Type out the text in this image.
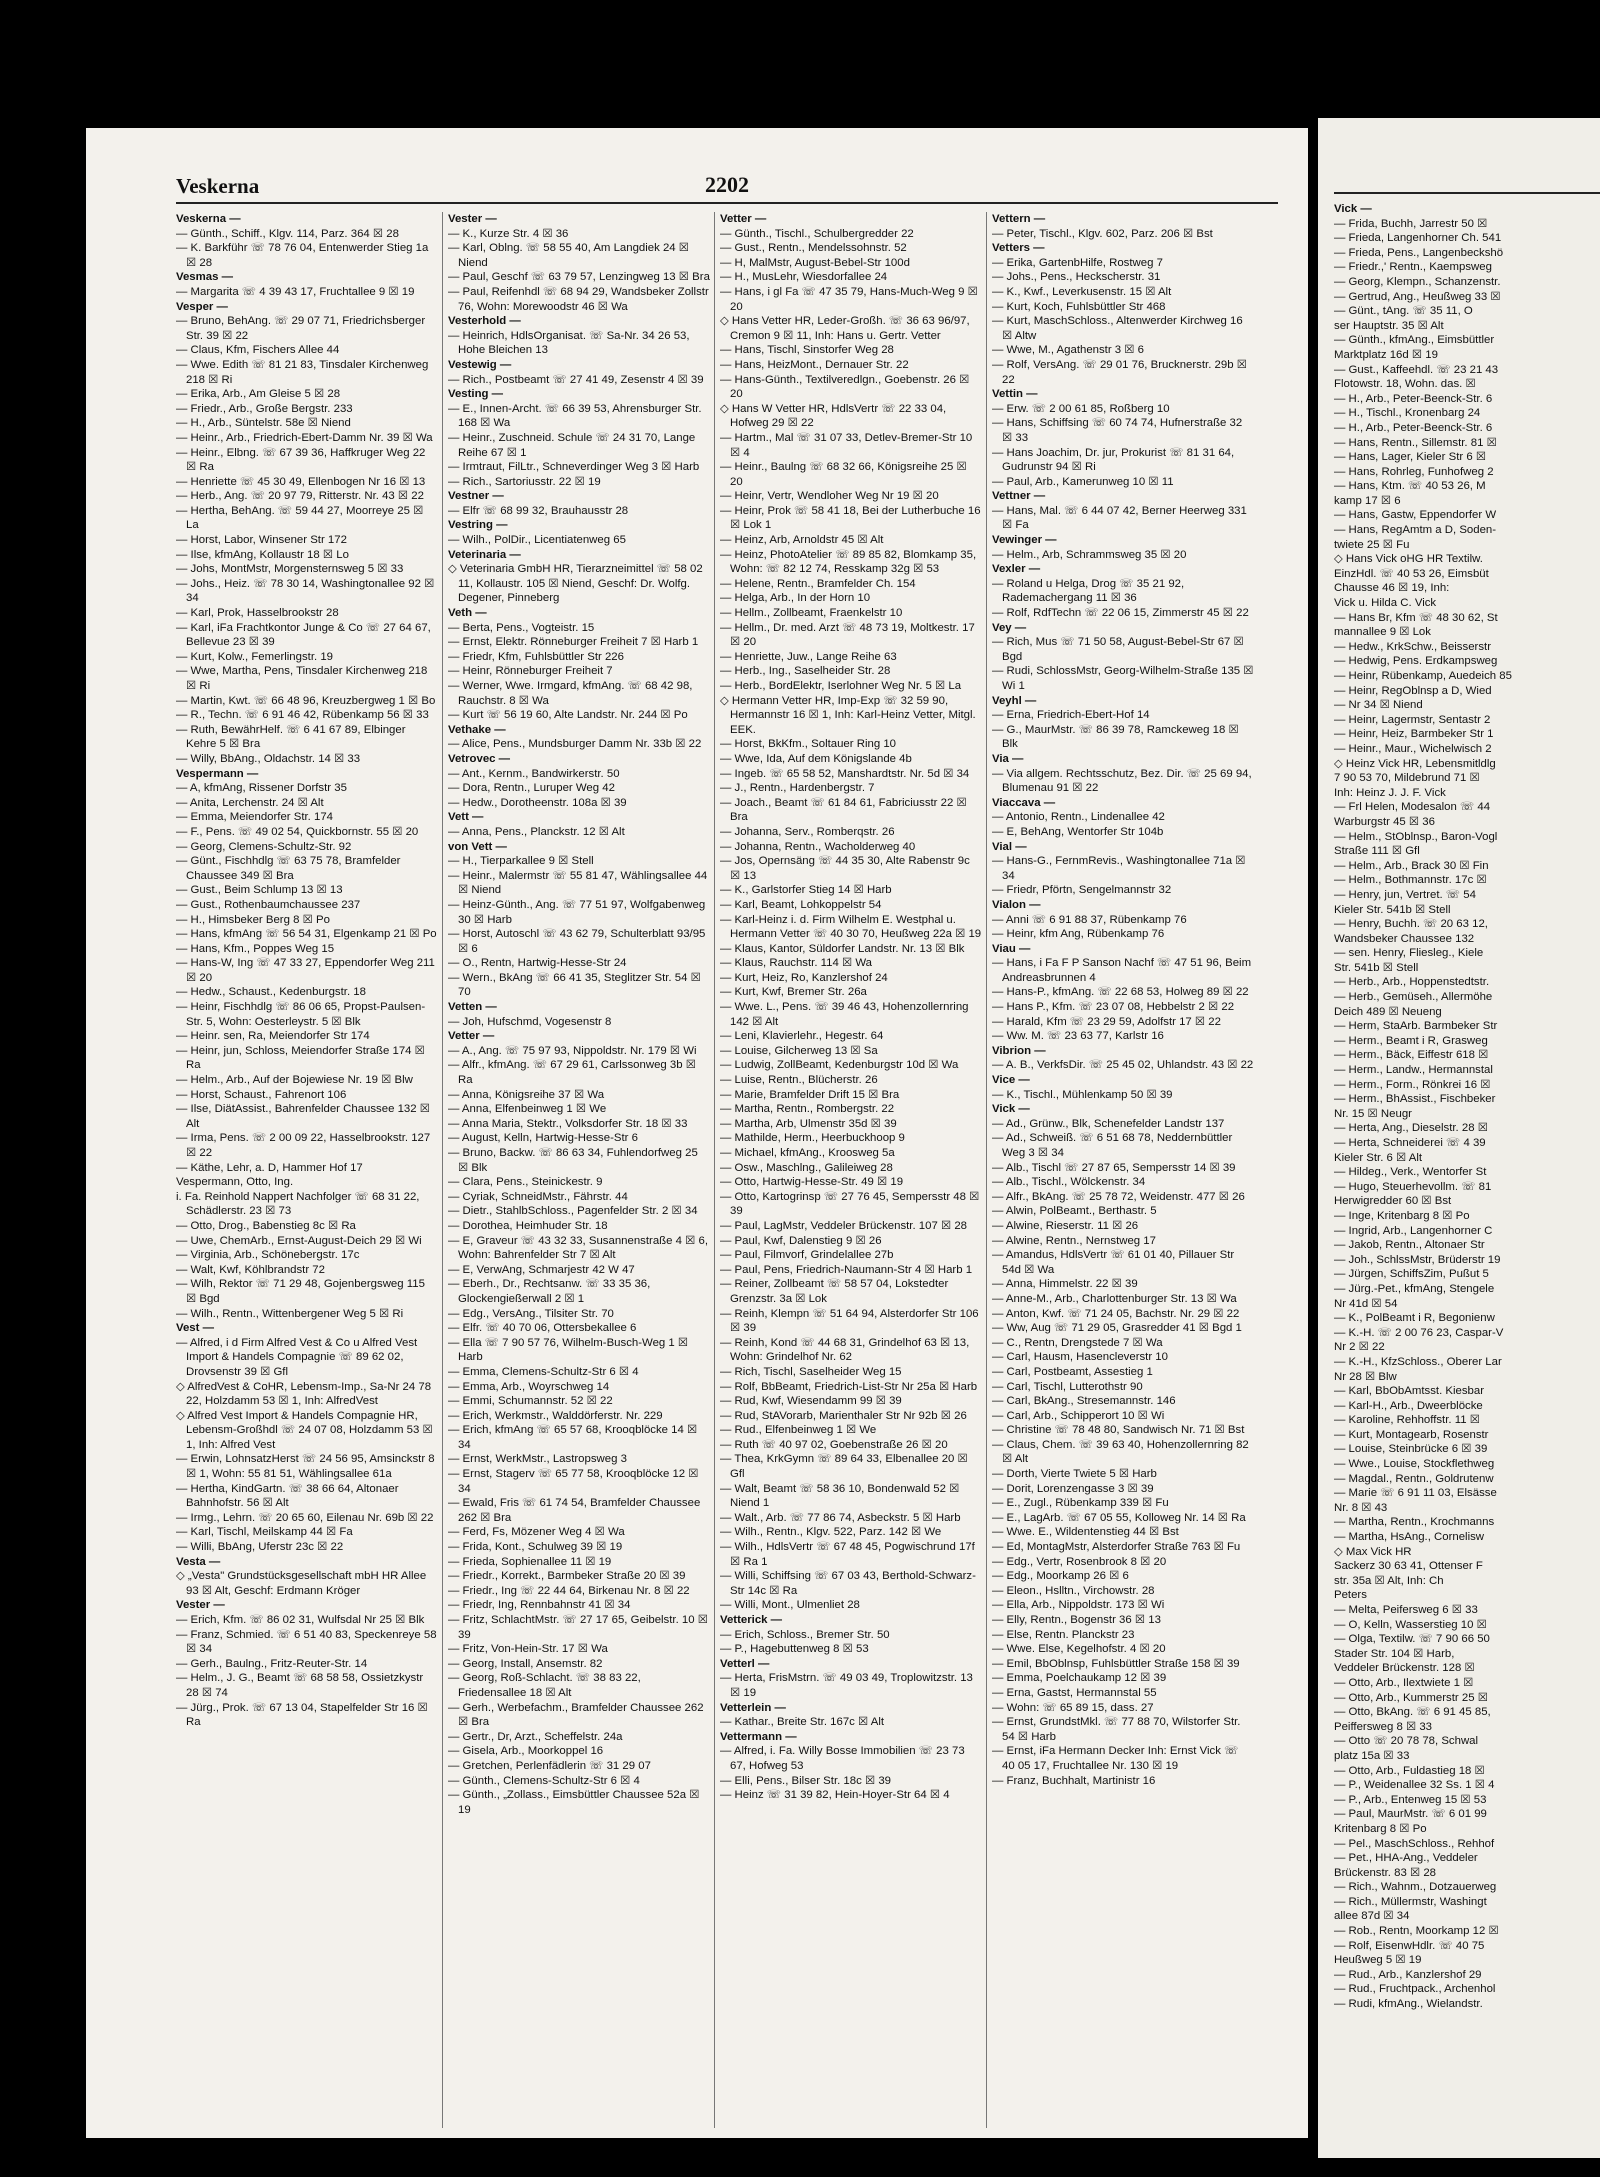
Veskerna	2202
Veskerna —
— Günth., Schiff., Klgv. 114, Parz. 364 ☒ 28
— K. Barkführ ☏ 78 76 04, Entenwerder Stieg 1a ☒ 28
Vesmas —
— Margarita ☏ 4 39 43 17, Fruchtallee 9 ☒ 19
Vesper —
— Bruno, BehAng. ☏ 29 07 71, Friedrichsberger Str. 39 ☒ 22
— Claus, Kfm, Fischers Allee 44
— Wwe. Edith ☏ 81 21 83, Tinsdaler Kirchenweg 218 ☒ Ri
— Erika, Arb., Am Gleise 5 ☒ 28
— Friedr., Arb., Große Bergstr. 233
— H., Arb., Süntelstr. 58e ☒ Niend
— Heinr., Arb., Friedrich-Ebert-Damm Nr. 39 ☒ Wa
— Heinr., Elbng. ☏ 67 39 36, Haffkruger Weg 22 ☒ Ra
— Henriette ☏ 45 30 49, Ellenbogen Nr 16 ☒ 13
— Herb., Ang. ☏ 20 97 79, Ritterstr. Nr. 43 ☒ 22
— Hertha, BehAng. ☏ 59 44 27, Moorreye 25 ☒ La
— Horst, Labor, Winsener Str 172
— Ilse, kfmAng, Kollaustr 18 ☒ Lo
— Johs, MontMstr, Morgensternsweg 5 ☒ 33
— Johs., Heiz. ☏ 78 30 14, Washingtonallee 92 ☒ 34
— Karl, Prok, Hasselbrookstr 28
— Karl, iFa Frachtkontor Junge & Co ☏ 27 64 67, Bellevue 23 ☒ 39
— Kurt, Kolw., Femerlingstr. 19
— Wwe, Martha, Pens, Tinsdaler Kirchenweg 218 ☒ Ri
— Martin, Kwt. ☏ 66 48 96, Kreuzbergweg 1 ☒ Bo
— R., Techn. ☏ 6 91 46 42, Rübenkamp 56 ☒ 33
— Ruth, BewährHelf. ☏ 6 41 67 89, Elbinger Kehre 5 ☒ Bra
— Willy, BbAng., Oldachstr. 14 ☒ 33
Vespermann —
— A, kfmAng, Rissener Dorfstr 35
— Anita, Lerchenstr. 24 ☒ Alt
— Emma, Meiendorfer Str. 174
— F., Pens. ☏ 49 02 54, Quickbornstr. 55 ☒ 20
— Georg, Clemens-Schultz-Str. 92
— Günt., Fischhdlg ☏ 63 75 78, Bramfelder Chaussee 349 ☒ Bra
— Gust., Beim Schlump 13 ☒ 13
— Gust., Rothenbaumchaussee 237
— H., Himsbeker Berg 8 ☒ Po
— Hans, kfmAng ☏ 56 54 31, Elgenkamp 21 ☒ Po
— Hans, Kfm., Poppes Weg 15
— Hans-W, Ing ☏ 47 33 27, Eppendorfer Weg 211 ☒ 20
— Hedw., Schaust., Kedenburgstr. 18
— Heinr, Fischhdlg ☏ 86 06 65, Propst-Paulsen-Str. 5, Wohn: Oesterleystr. 5 ☒ Blk
— Heinr. sen, Ra, Meiendorfer Str 174
— Heinr, jun, Schloss, Meiendorfer Straße 174 ☒ Ra
— Helm., Arb., Auf der Bojewiese Nr. 19 ☒ Blw
— Horst, Schaust., Fahrenort 106
— Ilse, DiätAssist., Bahrenfelder Chaussee 132 ☒ Alt
— Irma, Pens. ☏ 2 00 09 22, Hasselbrookstr. 127 ☒ 22
— Käthe, Lehr, a. D, Hammer Hof 17
Vespermann, Otto, Ing.
i. Fa. Reinhold Nappert Nachfolger ☏ 68 31 22, Schädlerstr. 23 ☒ 73
— Otto, Drog., Babenstieg 8c ☒ Ra
— Uwe, ChemArb., Ernst-August-Deich 29 ☒ Wi
— Virginia, Arb., Schönebergstr. 17c
— Walt, Kwf, Köhlbrandstr 72
— Wilh, Rektor ☏ 71 29 48, Gojenbergsweg 115 ☒ Bgd
— Wilh., Rentn., Wittenbergener Weg 5 ☒ Ri
Vest —
— Alfred, i d Firm Alfred Vest & Co u Alfred Vest Import & Handels Compagnie ☏ 89 62 02, Drovsenstr 39 ☒ Gfl
◇ AlfredVest & CoHR, Lebensm-Imp., Sa-Nr 24 78 22, Holzdamm 53 ☒ 1, Inh: AlfredVest
◇ Alfred Vest Import & Handels Compagnie HR, Lebensm-Großhdl ☏ 24 07 08, Holzdamm 53 ☒ 1, Inh: Alfred Vest
— Erwin, LohnsatzHerst ☏ 24 56 95, Amsinckstr 8 ☒ 1, Wohn: 55 81 51, Wählingsallee 61a
— Hertha, KindGartn. ☏ 38 66 64, Altonaer Bahnhofstr. 56 ☒ Alt
— Irmg., Lehrn. ☏ 20 65 60, Eilenau Nr. 69b ☒ 22
— Karl, Tischl, Meilskamp 44 ☒ Fa
— Willi, BbAng, Uferstr 23c ☒ 22
Vesta —
◇ „Vesta" Grundstücksgesellschaft mbH HR Allee 93 ☒ Alt, Geschf: Erdmann Kröger
Vester —
— Erich, Kfm. ☏ 86 02 31, Wulfsdal Nr 25 ☒ Blk
— Franz, Schmied. ☏ 6 51 40 83, Speckenreye 58 ☒ 34
— Gerh., Baulng., Fritz-Reuter-Str. 14
— Helm., J. G., Beamt ☏ 68 58 58, Ossietzkystr 28 ☒ 74
— Jürg., Prok. ☏ 67 13 04, Stapelfelder Str 16 ☒ Ra
Vester —
— K., Kurze Str. 4 ☒ 36
— Karl, Oblng. ☏ 58 55 40, Am Langdiek 24 ☒ Niend
— Paul, Geschf ☏ 63 79 57, Lenzingweg 13 ☒ Bra
— Paul, Reifenhdl ☏ 68 94 29, Wandsbeker Zollstr 76, Wohn: Morewoodstr 46 ☒ Wa
Vesterhold —
— Heinrich, HdlsOrganisat. ☏ Sa-Nr. 34 26 53, Hohe Bleichen 13
Vestewig —
— Rich., Postbeamt ☏ 27 41 49, Zesenstr 4 ☒ 39
Vesting —
— E., Innen-Archt. ☏ 66 39 53, Ahrensburger Str. 168 ☒ Wa
— Heinr., Zuschneid. Schule ☏ 24 31 70, Lange Reihe 67 ☒ 1
— Irmtraut, FilLtr., Schneverdinger Weg 3 ☒ Harb
— Rich., Sartoriusstr. 22 ☒ 19
Vestner —
— Elfr ☏ 68 99 32, Brauhausstr 28
Vestring —
— Wilh., PolDir., Licentiatenweg 65
Veterinaria —
◇ Veterinaria GmbH HR, Tierarzneimittel ☏ 58 02 11, Kollaustr. 105 ☒ Niend, Geschf: Dr. Wolfg. Degener, Pinneberg
Veth —
— Berta, Pens., Vogteistr. 15
— Ernst, Elektr. Rönneburger Freiheit 7 ☒ Harb 1
— Friedr, Kfm, Fuhlsbüttler Str 226
— Heinr, Rönneburger Freiheit 7
— Werner, Wwe. Irmgard, kfmAng. ☏ 68 42 98, Rauchstr. 8 ☒ Wa
— Kurt ☏ 56 19 60, Alte Landstr. Nr. 244 ☒ Po
Vethake —
— Alice, Pens., Mundsburger Damm Nr. 33b ☒ 22
Vetrovec —
— Ant., Kernm., Bandwirkerstr. 50
— Dora, Rentn., Luruper Weg 42
— Hedw., Dorotheenstr. 108a ☒ 39
Vett —
— Anna, Pens., Planckstr. 12 ☒ Alt
von Vett —
— H., Tierparkallee 9 ☒ Stell
— Heinr., Malermstr ☏ 55 81 47, Wählingsallee 44 ☒ Niend
— Heinz-Günth., Ang. ☏ 77 51 97, Wolfgabenweg 30 ☒ Harb
— Horst, Autoschl ☏ 43 62 79, Schulterblatt 93/95 ☒ 6
— O., Rentn, Hartwig-Hesse-Str 24
— Wern., BkAng ☏ 66 41 35, Steglitzer Str. 54 ☒ 70
Vetten —
— Joh, Hufschmd, Vogesenstr 8
Vetter —
— A., Ang. ☏ 75 97 93, Nippoldstr. Nr. 179 ☒ Wi
— Alfr., kfmAng. ☏ 67 29 61, Carlssonweg 3b ☒ Ra
— Anna, Königsreihe 37 ☒ Wa
— Anna, Elfenbeinweg 1 ☒ We
— Anna Maria, Stektr., Volksdorfer Str. 18 ☒ 33
— August, Kelln, Hartwig-Hesse-Str 6
— Bruno, Backw. ☏ 86 63 34, Fuhlendorfweg 25 ☒ Blk
— Clara, Pens., Steinickestr. 9
— Cyriak, SchneidMstr., Fährstr. 44
— Dietr., StahlbSchloss., Pagenfelder Str. 2 ☒ 34
— Dorothea, Heimhuder Str. 18
— E, Graveur ☏ 43 32 33, Susannenstraße 4 ☒ 6, Wohn: Bahrenfelder Str 7 ☒ Alt
— E, VerwAng, Schmarjestr 42 W 47
— Eberh., Dr., Rechtsanw. ☏ 33 35 36, Glockengießerwall 2 ☒ 1
— Edg., VersAng., Tilsiter Str. 70
— Elfr. ☏ 40 70 06, Ottersbekallee 6
— Ella ☏ 7 90 57 76, Wilhelm-Busch-Weg 1 ☒ Harb
— Emma, Clemens-Schultz-Str 6 ☒ 4
— Emma, Arb., Woyrschweg 14
— Emmi, Schumannstr. 52 ☒ 22
— Erich, Werkmstr., Walddörferstr. Nr. 229
— Erich, kfmAng ☏ 65 57 68, Krooqblöcke 14 ☒ 34
— Ernst, WerkMstr., Lastropsweg 3
— Ernst, Stagerv ☏ 65 77 58, Krooqblöcke 12 ☒ 34
— Ewald, Fris ☏ 61 74 54, Bramfelder Chaussee 262 ☒ Bra
— Ferd, Fs, Mözener Weg 4 ☒ Wa
— Frida, Kont., Schulweg 39 ☒ 19
— Frieda, Sophienallee 11 ☒ 19
— Friedr., Korrekt., Barmbeker Straße 20 ☒ 39
— Friedr., Ing ☏ 22 44 64, Birkenau Nr. 8 ☒ 22
— Friedr, Ing, Rennbahnstr 41 ☒ 34
— Fritz, SchlachtMstr. ☏ 27 17 65, Geibelstr. 10 ☒ 39
— Fritz, Von-Hein-Str. 17 ☒ Wa
— Georg, Install, Ansemstr. 82
— Georg, Roß-Schlacht. ☏ 38 83 22, Friedensallee 18 ☒ Alt
— Gerh., Werbefachm., Bramfelder Chaussee 262 ☒ Bra
— Gertr., Dr, Arzt., Scheffelstr. 24a
— Gisela, Arb., Moorkoppel 16
— Gretchen, Perlenfädlerin ☏ 31 29 07
— Günth., Clemens-Schultz-Str 6 ☒ 4
— Günth., „Zollass., Eimsbüttler Chaussee 52a ☒ 19
Vetter —
— Günth., Tischl., Schulbergredder 22
— Gust., Rentn., Mendelssohnstr. 52
— H, MalMstr, August-Bebel-Str 100d
— H., MusLehr, Wiesdorfallee 24
— Hans, i gl Fa ☏ 47 35 79, Hans-Much-Weg 9 ☒ 20
◇ Hans Vetter HR, Leder-Großh. ☏ 36 63 96/97, Cremon 9 ☒ 11, Inh: Hans u. Gertr. Vetter
— Hans, Tischl, Sinstorfer Weg 28
— Hans, HeizMont., Dernauer Str. 22
— Hans-Günth., Textilveredlgn., Goebenstr. 26 ☒ 20
◇ Hans W Vetter HR, HdlsVertr ☏ 22 33 04, Hofweg 29 ☒ 22
— Hartm., Mal ☏ 31 07 33, Detlev-Bremer-Str 10 ☒ 4
— Heinr., Baulng ☏ 68 32 66, Königsreihe 25 ☒ 20
— Heinr, Vertr, Wendloher Weg Nr 19 ☒ 20
— Heinr, Prok ☏ 58 41 18, Bei der Lutherbuche 16 ☒ Lok 1
— Heinz, Arb, Arnoldstr 45 ☒ Alt
— Heinz, PhotoAtelier ☏ 89 85 82, Blomkamp 35, Wohn: ☏ 82 12 74, Resskamp 32g ☒ 53
— Helene, Rentn., Bramfelder Ch. 154
— Helga, Arb., In der Horn 10
— Hellm., Zollbeamt, Fraenkelstr 10
— Hellm., Dr. med. Arzt ☏ 48 73 19, Moltkestr. 17 ☒ 20
— Henriette, Juw., Lange Reihe 63
— Herb., Ing., Saselheider Str. 28
— Herb., BordElektr, Iserlohner Weg Nr. 5 ☒ La
◇ Hermann Vetter HR, Imp-Exp ☏ 32 59 90, Hermannstr 16 ☒ 1, Inh: Karl-Heinz Vetter, Mitgl. EEK.
— Horst, BkKfm., Soltauer Ring 10
— Wwe, Ida, Auf dem Königslande 4b
— Ingeb. ☏ 65 58 52, Manshardtstr. Nr. 5d ☒ 34
— J., Rentn., Hardenbergstr. 7
— Joach., Beamt ☏ 61 84 61, Fabriciusstr 22 ☒ Bra
— Johanna, Serv., Romberqstr. 26
— Johanna, Rentn., Wacholderweg 40
— Jos, Opernsäng ☏ 44 35 30, Alte Rabenstr 9c ☒ 13
— K., Garlstorfer Stieg 14 ☒ Harb
— Karl, Beamt, Lohkoppelstr 54
— Karl-Heinz i. d. Firm Wilhelm E. Westphal u. Hermann Vetter ☏ 40 30 70, Heußweg 22a ☒ 19
— Klaus, Kantor, Süldorfer Landstr. Nr. 13 ☒ Blk
— Klaus, Rauchstr. 114 ☒ Wa
— Kurt, Heiz, Ro, Kanzlershof 24
— Kurt, Kwf, Bremer Str. 26a
— Wwe. L., Pens. ☏ 39 46 43, Hohenzollernring 142 ☒ Alt
— Leni, Klavierlehr., Hegestr. 64
— Louise, Gilcherweg 13 ☒ Sa
— Ludwig, ZollBeamt, Kedenburgstr 10d ☒ Wa
— Luise, Rentn., Blücherstr. 26
— Marie, Bramfelder Drift 15 ☒ Bra
— Martha, Rentn., Rombergstr. 22
— Martha, Arb, Ulmenstr 35d ☒ 39
— Mathilde, Herm., Heerbuckhoop 9
— Michael, kfmAng., Kroosweg 5a
— Osw., Maschlng., Galileiweg 28
— Otto, Hartwig-Hesse-Str. 49 ☒ 19
— Otto, Kartogrinsp ☏ 27 76 45, Sempersstr 48 ☒ 39
— Paul, LagMstr, Veddeler Brückenstr. 107 ☒ 28
— Paul, Kwf, Dalenstieg 9 ☒ 26
— Paul, Filmvorf, Grindelallee 27b
— Paul, Pens, Friedrich-Naumann-Str 4 ☒ Harb 1
— Reiner, Zollbeamt ☏ 58 57 04, Lokstedter Grenzstr. 3a ☒ Lok
— Reinh, Klempn ☏ 51 64 94, Alsterdorfer Str 106 ☒ 39
— Reinh, Kond ☏ 44 68 31, Grindelhof 63 ☒ 13, Wohn: Grindelhof Nr. 62
— Rich, Tischl, Saselheider Weg 15
— Rolf, BbBeamt, Friedrich-List-Str Nr 25a ☒ Harb
— Rud, Kwf, Wiesendamm 99 ☒ 39
— Rud, StAVorarb, Marienthaler Str Nr 92b ☒ 26
— Rud., Elfenbeinweg 1 ☒ We
— Ruth ☏ 40 97 02, Goebenstraße 26 ☒ 20
— Thea, KrkGymn ☏ 89 64 33, Elbenallee 20 ☒ Gfl
— Walt, Beamt ☏ 58 36 10, Bondenwald 52 ☒ Niend 1
— Walt., Arb. ☏ 77 86 74, Asbeckstr. 5 ☒ Harb
— Wilh., Rentn., Klgv. 522, Parz. 142 ☒ We
— Wilh., HdlsVertr ☏ 67 48 45, Pogwischrund 17f ☒ Ra 1
— Willi, Schiffsing ☏ 67 03 43, Berthold-Schwarz-Str 14c ☒ Ra
— Willi, Mont., Ulmenliet 28
Vetterick —
— Erich, Schloss., Bremer Str. 50
— P., Hagebuttenweg 8 ☒ 53
Vetterl —
— Herta, FrisMstrn. ☏ 49 03 49, Troplowitzstr. 13 ☒ 19
Vetterlein —
— Kathar., Breite Str. 167c ☒ Alt
Vettermann —
— Alfred, i. Fa. Willy Bosse Immobilien ☏ 23 73 67, Hofweg 53
— Elli, Pens., Bilser Str. 18c ☒ 39
— Heinz ☏ 31 39 82, Hein-Hoyer-Str 64 ☒ 4
Vettern —
— Peter, Tischl., Klgv. 602, Parz. 206 ☒ Bst
Vetters —
— Erika, GartenbHilfe, Rostweg 7
— Johs., Pens., Heckscherstr. 31
— K., Kwf., Leverkusenstr. 15 ☒ Alt
— Kurt, Koch, Fuhlsbüttler Str 468
— Kurt, MaschSchloss., Altenwerder Kirchweg 16 ☒ Altw
— Wwe, M., Agathenstr 3 ☒ 6
— Rolf, VersAng. ☏ 29 01 76, Brucknerstr. 29b ☒ 22
Vettin —
— Erw. ☏ 2 00 61 85, Roßberg 10
— Hans, Schiffsing ☏ 60 74 74, Hufnerstraße 32 ☒ 33
— Hans Joachim, Dr. jur, Prokurist ☏ 81 31 64, Gudrunstr 94 ☒ Ri
— Paul, Arb., Kamerunweg 10 ☒ 11
Vettner —
— Hans, Mal. ☏ 6 44 07 42, Berner Heerweg 331 ☒ Fa
Vewinger —
— Helm., Arb, Schrammsweg 35 ☒ 20
Vexler —
— Roland u Helga, Drog ☏ 35 21 92, Rademachergang 11 ☒ 36
— Rolf, RdfTechn ☏ 22 06 15, Zimmerstr 45 ☒ 22
Vey —
— Rich, Mus ☏ 71 50 58, August-Bebel-Str 67 ☒ Bgd
— Rudi, SchlossMstr, Georg-Wilhelm-Straße 135 ☒ Wi 1
Veyhl —
— Erna, Friedrich-Ebert-Hof 14
— G., MaurMstr. ☏ 86 39 78, Ramckeweg 18 ☒ Blk
Via —
— Via allgem. Rechtsschutz, Bez. Dir. ☏ 25 69 94, Blumenau 91 ☒ 22
Viaccava —
— Antonio, Rentn., Lindenallee 42
— E, BehAng, Wentorfer Str 104b
Vial —
— Hans-G., FernmRevis., Washingtonallee 71a ☒ 34
— Friedr, Pförtn, Sengelmannstr 32
Vialon —
— Anni ☏ 6 91 88 37, Rübenkamp 76
— Heinr, kfm Ang, Rübenkamp 76
Viau —
— Hans, i Fa F P Sanson Nachf ☏ 47 51 96, Beim Andreasbrunnen 4
— Hans-P., kfmAng. ☏ 22 68 53, Holweg 89 ☒ 22
— Hans P., Kfm. ☏ 23 07 08, Hebbelstr 2 ☒ 22
— Harald, Kfm ☏ 23 29 59, Adolfstr 17 ☒ 22
— Ww. M. ☏ 23 63 77, Karlstr 16
Vibrion —
— A. B., VerkfsDir. ☏ 25 45 02, Uhlandstr. 43 ☒ 22
Vice —
— K., Tischl., Mühlenkamp 50 ☒ 39
Vick —
— Ad., Grünw., Blk, Schenefelder Landstr 137
— Ad., Schweiß. ☏ 6 51 68 78, Neddernbüttler Weg 3 ☒ 34
— Alb., Tischl ☏ 27 87 65, Sempersstr 14 ☒ 39
— Alb., Tischl., Wölckenstr. 34
— Alfr., BkAng. ☏ 25 78 72, Weidenstr. 477 ☒ 26
— Alwin, PolBeamt., Berthastr. 5
— Alwine, Rieserstr. 11 ☒ 26
— Alwine, Rentn., Nernstweg 17
— Amandus, HdlsVertr ☏ 61 01 40, Pillauer Str 54d ☒ Wa
— Anna, Himmelstr. 22 ☒ 39
— Anne-M., Arb., Charlottenburger Str. 13 ☒ Wa
— Anton, Kwf. ☏ 71 24 05, Bachstr. Nr. 29 ☒ 22
— Ww, Aug ☏ 71 29 05, Grasredder 41 ☒ Bgd 1
— C., Rentn, Drengstede 7 ☒ Wa
— Carl, Hausm, Hasencleverstr 10
— Carl, Postbeamt, Assestieg 1
— Carl, Tischl, Lutterothstr 90
— Carl, BkAng., Stresemannstr. 146
— Carl, Arb., Schipperort 10 ☒ Wi
— Christine ☏ 78 48 80, Sandwisch Nr. 71 ☒ Bst
— Claus, Chem. ☏ 39 63 40, Hohenzollernring 82 ☒ Alt
— Dorth, Vierte Twiete 5 ☒ Harb
— Dorit, Lorenzengasse 3 ☒ 39
— E., Zugl., Rübenkamp 339 ☒ Fu
— E., LagArb. ☏ 67 05 55, Kolloweg Nr. 14 ☒ Ra
— Wwe. E., Wildentenstieg 44 ☒ Bst
— Ed, MontagMstr, Alsterdorfer Straße 763 ☒ Fu
— Edg., Vertr, Rosenbrook 8 ☒ 20
— Edg., Moorkamp 26 ☒ 6
— Eleon., Hslltn., Virchowstr. 28
— Ella, Arb., Nippoldstr. 173 ☒ Wi
— Elly, Rentn., Bogenstr 36 ☒ 13
— Else, Rentn. Planckstr 23
— Wwe. Else, Kegelhofstr. 4 ☒ 20
— Emil, BbOblnsp, Fuhlsbüttler Straße 158 ☒ 39
— Emma, Poelchaukamp 12 ☒ 39
— Erna, Gastst, Hermannstal 55
— Wohn: ☏ 65 89 15, dass. 27
— Ernst, GrundstMkl. ☏ 77 88 70, Wilstorfer Str. 54 ☒ Harb
— Ernst, iFa Hermann Decker Inh: Ernst Vick ☏ 40 05 17, Fruchtallee Nr. 130 ☒ 19
— Franz, Buchhalt, Martinistr 16
Vick —
— Frida, Buchh, Jarrestr 50 ☒
— Frieda, Langenhorner Ch. 541
— Frieda, Pens., Langenbeckshö
— Friedr.,' Rentn., Kaempsweg
— Georg, Klempn., Schanzenstr.
— Gertrud, Ang., Heußweg 33 ☒
— Günt., tAng. ☏ 35 11, O
ser Hauptstr. 35 ☒ Alt
— Günth., kfmAng., Eimsbüttler
Marktplatz 16d ☒ 19
— Gust., Kaffeehdl. ☏ 23 21 43
Flotowstr. 18, Wohn. das. ☒
— H., Arb., Peter-Beenck-Str. 6
— H., Tischl., Kronenbarg 24
— H., Arb., Peter-Beenck-Str. 6
— Hans, Rentn., Sillemstr. 81 ☒
— Hans, Lager, Kieler Str 6 ☒
— Hans, Rohrleg, Funhofweg 2
— Hans, Ktm. ☏ 40 53 26, M
kamp 17 ☒ 6
— Hans, Gastw, Eppendorfer W
— Hans, RegAmtm a D, Soden-
twiete 25 ☒ Fu
◇ Hans Vick oHG HR Textilw.
EinzHdl. ☏ 40 53 26, Eimsbüt
Chausse 46 ☒ 19, Inh:
Vick u. Hilda C. Vick
— Hans Br, Kfm ☏ 48 30 62, St
mannallee 9 ☒ Lok
— Hedw., KrkSchw., Beisserstr
— Hedwig, Pens. Erdkampsweg
— Heinr, Rübenkamp, Auedeich 85
— Heinr, RegOblnsp a D, Wied
— Nr 34 ☒ Niend
— Heinr, Lagermstr, Sentastr 2
— Heinr, Heiz, Barmbeker Str 1
— Heinr., Maur., Wichelwisch 2
◇ Heinz Vick HR, Lebensmitldlg
7 90 53 70, Mildebrund 71 ☒
Inh: Heinz J. J. F. Vick
— Frl Helen, Modesalon ☏ 44
Warburgstr 45 ☒ 36
— Helm., StOblnsp., Baron-Vogl
Straße 111 ☒ Gfl
— Helm., Arb., Brack 30 ☒ Fin
— Helm., Bothmannstr. 17c ☒
— Henry, jun, Vertret. ☏ 54
Kieler Str. 541b ☒ Stell
— Henry, Buchh. ☏ 20 63 12,
Wandsbeker Chaussee 132
— sen. Henry, Fliesleg., Kiele
Str. 541b ☒ Stell
— Herb., Arb., Hoppenstedtstr.
— Herb., Gemüseh., Allermöhe
Deich 489 ☒ Neueng
— Herm, StaArb. Barmbeker Str
— Herm., Beamt i R, Grasweg
— Herm., Bäck, Eiffestr 618 ☒
— Herm., Landw., Hermannstal
— Herm., Form., Rönkrei 16 ☒
— Herm., BhAssist., Fischbeker
Nr. 15 ☒ Neugr
— Herta, Ang., Dieselstr. 28 ☒
— Herta, Schneiderei ☏ 4 39
Kieler Str. 6 ☒ Alt
— Hildeg., Verk., Wentorfer St
— Hugo, Steuerhevollm. ☏ 81
Herwigredder 60 ☒ Bst
— Inge, Kritenbarg 8 ☒ Po
— Ingrid, Arb., Langenhorner C
— Jakob, Rentn., Altonaer Str
— Joh., SchlssMstr, Brüderstr 19
— Jürgen, SchiffsZim, Pußut 5
— Jürg.-Pet., kfmAng, Stengele
Nr 41d ☒ 54
— K., PolBeamt i R, Begonienw
— K.-H. ☏ 2 00 76 23, Caspar-V
Nr 2 ☒ 22
— K.-H., KfzSchloss., Oberer Lar
Nr 28 ☒ Blw
— Karl, BbObAmtsst. Kiesbar
— Karl-H., Arb., Dweerblöcke
— Karoline, Rehhoffstr. 11 ☒
— Kurt, Montagearb, Rosenstr
— Louise, Steinbrücke 6 ☒ 39
— Wwe., Louise, Stockflethweg
— Magdal., Rentn., Goldrutenw
— Marie ☏ 6 91 11 03, Elsässe
Nr. 8 ☒ 43
— Martha, Rentn., Krochmanns
— Martha, HsAng., Cornelisw
◇ Max Vick HR
Sackerz 30 63 41, Ottenser F
str. 35a ☒ Alt, Inh: Ch
Peters
— Melta, Peifersweg 6 ☒ 33
— O, Kelln, Wasserstieg 10 ☒
— Olga, Textilw. ☏ 7 90 66 50
Stader Str. 104 ☒ Harb,
Veddeler Brückenstr. 128 ☒
— Otto, Arb., Ilextwiete 1 ☒
— Otto, Arb., Kummerstr 25 ☒
— Otto, BkAng. ☏ 6 91 45 85,
Peiffersweg 8 ☒ 33
— Otto ☏ 20 78 78, Schwal
platz 15a ☒ 33
— Otto, Arb., Fuldastieg 18 ☒
— P., Weidenallee 32 Ss. 1 ☒ 4
— P., Arb., Entenweg 15 ☒ 53
— Paul, MaurMstr. ☏ 6 01 99
Kritenbarg 8 ☒ Po
— Pel., MaschSchloss., Rehhof
— Pet., HHA-Ang., Veddeler
Brückenstr. 83 ☒ 28
— Rich., Wahnm., Dotzauerweg
— Rich., Müllermstr, Washingt
allee 87d ☒ 34
— Rob., Rentn, Moorkamp 12 ☒
— Rolf, EisenwHdlr. ☏ 40 75
Heußweg 5 ☒ 19
— Rud., Arb., Kanzlershof 29
— Rud., Fruchtpack., Archenhol
— Rudi, kfmAng., Wielandstr.
